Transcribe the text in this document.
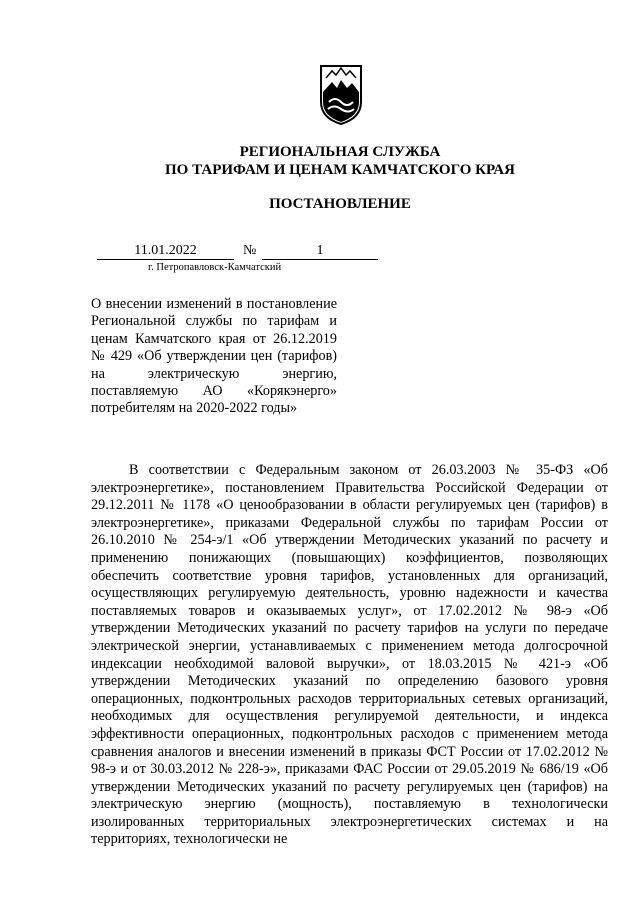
РЕГИОНАЛЬНАЯ СЛУЖБА
ПО ТАРИФАМ И ЦЕНАМ КАМЧАТСКОГО КРАЯ
ПОСТАНОВЛЕНИЕ
11.01.2022	№	1
г. Петропавловск-Камчатский
О внесении изменений в постановление Региональной службы по тарифам и ценам Камчатского края от 26.12.2019 № 429 «Об утверждении цен (тарифов) на электрическую энергию, поставляемую АО «Корякэнерго» потребителям на 2020-2022 годы»
В соответствии с Федеральным законом от 26.03.2003 № 35-ФЗ «Об электроэнергетике», постановлением Правительства Российской Федерации от 29.12.2011 № 1178 «О ценообразовании в области регулируемых цен (тарифов) в электроэнергетике», приказами Федеральной службы по тарифам России от 26.10.2010 № 254-э/1 «Об утверждении Методических указаний по расчету и применению понижающих (повышающих) коэффициентов, позволяющих обеспечить соответствие уровня тарифов, установленных для организаций, осуществляющих регулируемую деятельность, уровню надежности и качества поставляемых товаров и оказываемых услуг», от 17.02.2012 № 98-э «Об утверждении Методических указаний по расчету тарифов на услуги по передаче электрической энергии, устанавливаемых с применением метода долгосрочной индексации необходимой валовой выручки», от 18.03.2015 № 421-э «Об утверждении Методических указаний по определению базового уровня операционных, подконтрольных расходов территориальных сетевых организаций, необходимых для осуществления регулируемой деятельности, и индекса эффективности операционных, подконтрольных расходов с применением метода сравнения аналогов и внесении изменений в приказы ФСТ России от 17.02.2012 № 98-э и от 30.03.2012 № 228-э», приказами ФАС России от 29.05.2019 № 686/19 «Об утверждении Методических указаний по расчету регулируемых цен (тарифов) на электрическую энергию (мощность), поставляемую в технологически изолированных территориальных электроэнергетических системах и на территориях, технологически не
